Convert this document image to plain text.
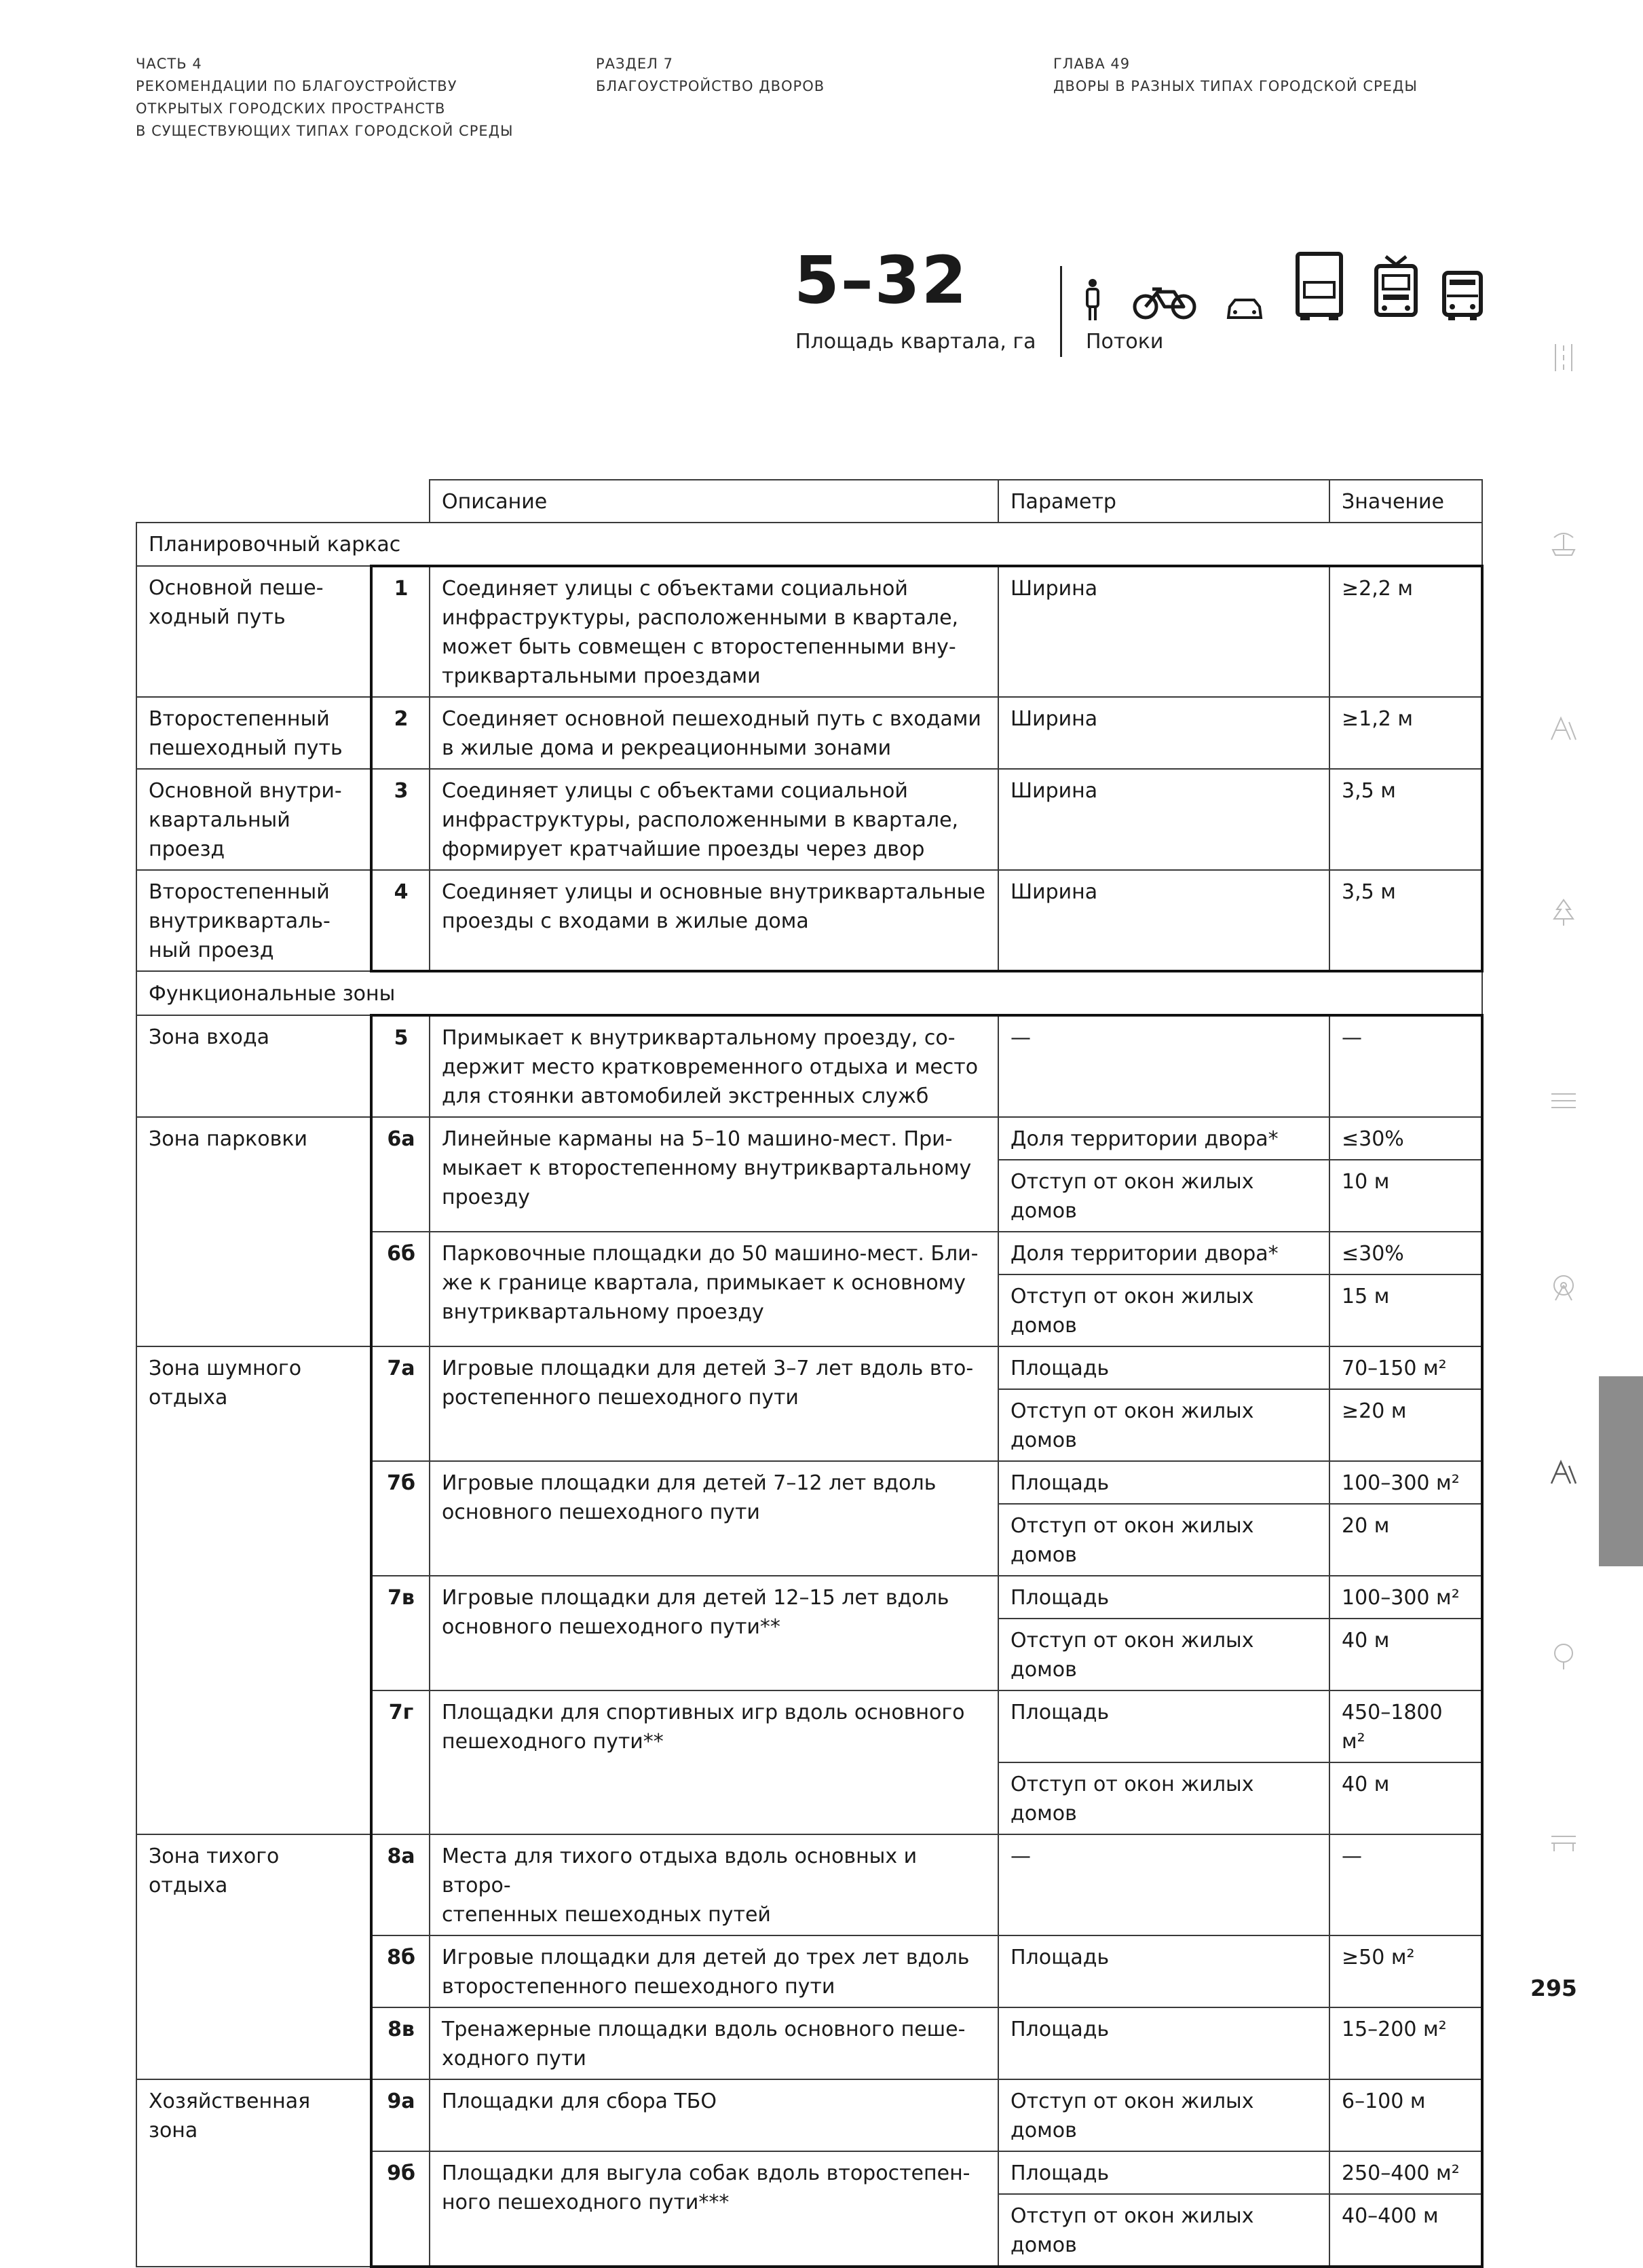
ЧАСТЬ 4
РЕКОМЕНДАЦИИ ПО БЛАГОУСТРОЙСТВУ
ОТКРЫТЫХ ГОРОДСКИХ ПРОСТРАНСТВ
В СУЩЕСТВУЮЩИХ ТИПАХ ГОРОДСКОЙ СРЕДЫ
РАЗДЕЛ 7
БЛАГОУСТРОЙСТВО ДВОРОВ
ГЛАВА 49
ДВОРЫ В РАЗНЫХ ТИПАХ ГОРОДСКОЙ СРЕДЫ
5–32
Площадь квартала, га Потоки
		Описание	Параметр	Значение
Планировочный каркас				
Основной пеше-
ходный путь	1	Соединяет улицы с объектами социальной
инфраструктуры, расположенными в квартале,
может быть совмещен с второстепенными вну-
триквартальными проездами	Ширина	≥2,2 м
Второстепенный
пешеходный путь	2	Соединяет основной пешеходный путь с входами
в жилые дома и рекреационными зонами	Ширина	≥1,2 м
Основной внутри-
квартальный
проезд	3	Соединяет улицы с объектами социальной
инфраструктуры, расположенными в квартале,
формирует кратчайшие проезды через двор	Ширина	3,5 м
Второстепенный
внутрикварталь-
ный проезд	4	Соединяет улицы и основные внутриквартальные
проезды с входами в жилые дома	Ширина	3,5 м
Функциональные зоны				
Зона входа	5	Примыкает к внутриквартальному проезду, со-
держит место кратковременного отдыха и место
для стоянки автомобилей экстренных служб	—	—
Зона парковки	6а	Линейные карманы на 5–10 машино-мест. При-
мыкает к второстепенному внутриквартальному
проезду	Доля территории двора*	≤30%
			Отступ от окон жилых домов	10 м
	6б	Парковочные площадки до 50 машино-мест. Бли-
же к границе квартала, примыкает к основному
внутриквартальному проезду	Доля территории двора*	≤30%
			Отступ от окон жилых домов	15 м
Зона шумного
отдыха	7а	Игровые площадки для детей 3–7 лет вдоль вто-
ростепенного пешеходного пути	Площадь	70–150 м²
			Отступ от окон жилых домов	≥20 м
	7б	Игровые площадки для детей 7–12 лет вдоль
основного пешеходного пути	Площадь	100–300 м²
			Отступ от окон жилых домов	20 м
	7в	Игровые площадки для детей 12–15 лет вдоль
основного пешеходного пути**	Площадь	100–300 м²
			Отступ от окон жилых домов	40 м
	7г	Площадки для спортивных игр вдоль основного
пешеходного пути**	Площадь	450–1800 м²
			Отступ от окон жилых домов	40 м
Зона тихого отдыха	8а	Места для тихого отдыха вдоль основных и второ-
степенных пешеходных путей	—	—
	8б	Игровые площадки для детей до трех лет вдоль
второстепенного пешеходного пути	Площадь	≥50 м²
	8в	Тренажерные площадки вдоль основного пеше-
ходного пути	Площадь	15–200 м²
Хозяйственная
зона	9а	Площадки для сбора ТБО	Отступ от окон жилых домов	6–100 м
	9б	Площадки для выгула собак вдоль второстепен-
ного пешеходного пути***	Площадь	250–400 м²
			Отступ от окон жилых домов	40–400 м
295
